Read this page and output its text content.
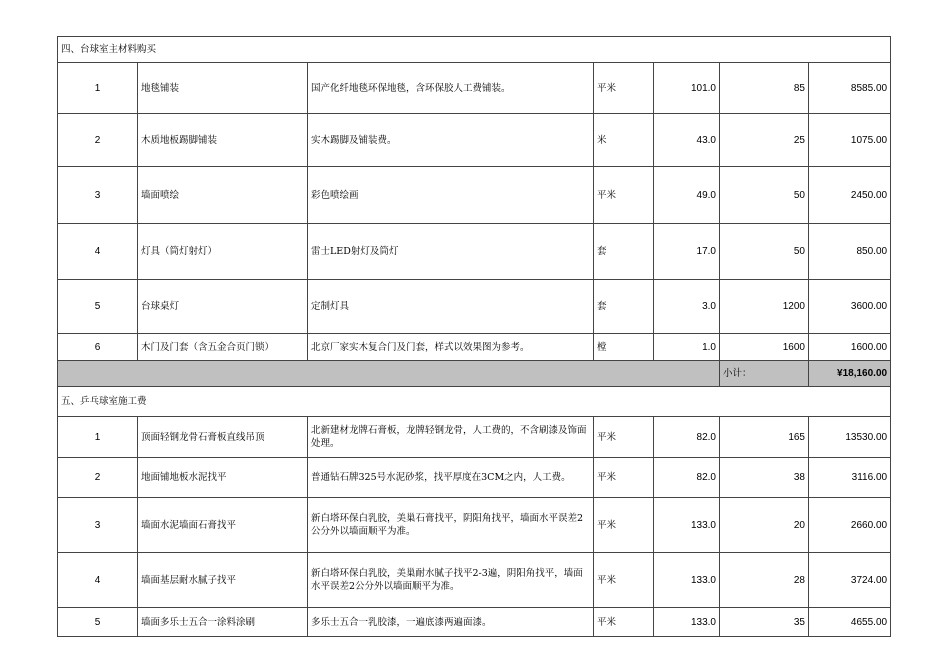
四、台球室主材料购买						
1	地毯铺装	国产化纤地毯环保地毯，含环保胶人工费铺装。	平米	101.0	85	8585.00
2	木质地板踢脚铺装	实木踢脚及铺装费。	米	43.0	25	1075.00
3	墙面喷绘	彩色喷绘画	平米	49.0	50	2450.00
4	灯具（筒灯射灯）	雷士LED射灯及筒灯	套	17.0	50	850.00
5	台球桌灯	定制灯具	套	3.0	1200	3600.00
6	木门及门套（含五金合页门锁）	北京厂家实木复合门及门套，样式以效果图为参考。	樘	1.0	1600	1600.00
					小计：	¥18,160.00
五、乒乓球室施工费						
1	顶面轻钢龙骨石膏板直线吊顶	北新建材龙牌石膏板，龙牌轻钢龙骨，人工费的，不含刷漆及饰面处理。	平米	82.0	165	13530.00
2	地面铺地板水泥找平	普通钻石牌325号水泥砂浆，找平厚度在3CM之内，人工费。	平米	82.0	38	3116.00
3	墙面水泥墙面石膏找平	新白塔环保白乳胶，美巢石膏找平，阴阳角找平，墙面水平误差2公分外以墙面顺平为准。	平米	133.0	20	2660.00
4	墙面基层耐水腻子找平	新白塔环保白乳胶，美巢耐水腻子找平2-3遍，阴阳角找平，墙面水平误差2公分外以墙面顺平为准。	平米	133.0	28	3724.00
5	墙面多乐士五合一涂料涂刷	多乐士五合一乳胶漆，一遍底漆两遍面漆。	平米	133.0	35	4655.00
